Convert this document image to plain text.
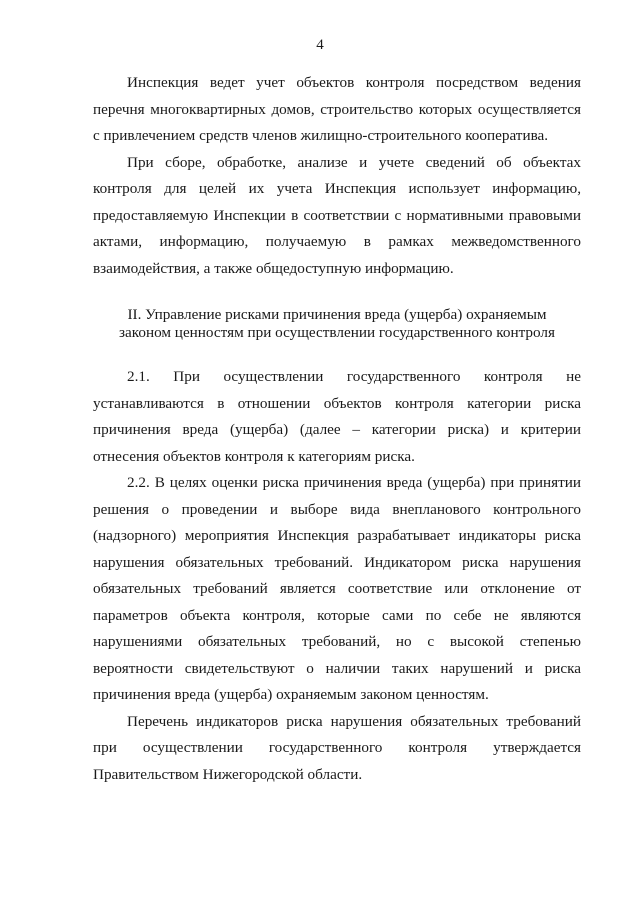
4

Инспекция ведет учет объектов контроля посредством ведения перечня многоквартирных домов, строительство которых осуществляется с привлечением средств членов жилищно-строительного кооператива.

При сборе, обработке, анализе и учете сведений об объектах контроля для целей их учета Инспекция использует информацию, предоставляемую Инспекции в соответствии с нормативными правовыми актами, информацию, получаемую в рамках межведомственного взаимодействия, а также общедоступную информацию.

II. Управление рисками причинения вреда (ущерба) охраняемым
законом ценностям при осуществлении государственного контроля

2.1. При осуществлении государственного контроля не устанавливаются в отношении объектов контроля категории риска причинения вреда (ущерба) (далее – категории риска) и критерии отнесения объектов контроля к категориям риска.

2.2. В целях оценки риска причинения вреда (ущерба) при принятии решения о проведении и выборе вида внепланового контрольного (надзорного) мероприятия Инспекция разрабатывает индикаторы риска нарушения обязательных требований. Индикатором риска нарушения обязательных требований является соответствие или отклонение от параметров объекта контроля, которые сами по себе не являются нарушениями обязательных требований, но с высокой степенью вероятности свидетельствуют о наличии таких нарушений и риска причинения вреда (ущерба) охраняемым законом ценностям.

Перечень индикаторов риска нарушения обязательных требований при осуществлении государственного контроля утверждается Правительством Нижегородской области.
